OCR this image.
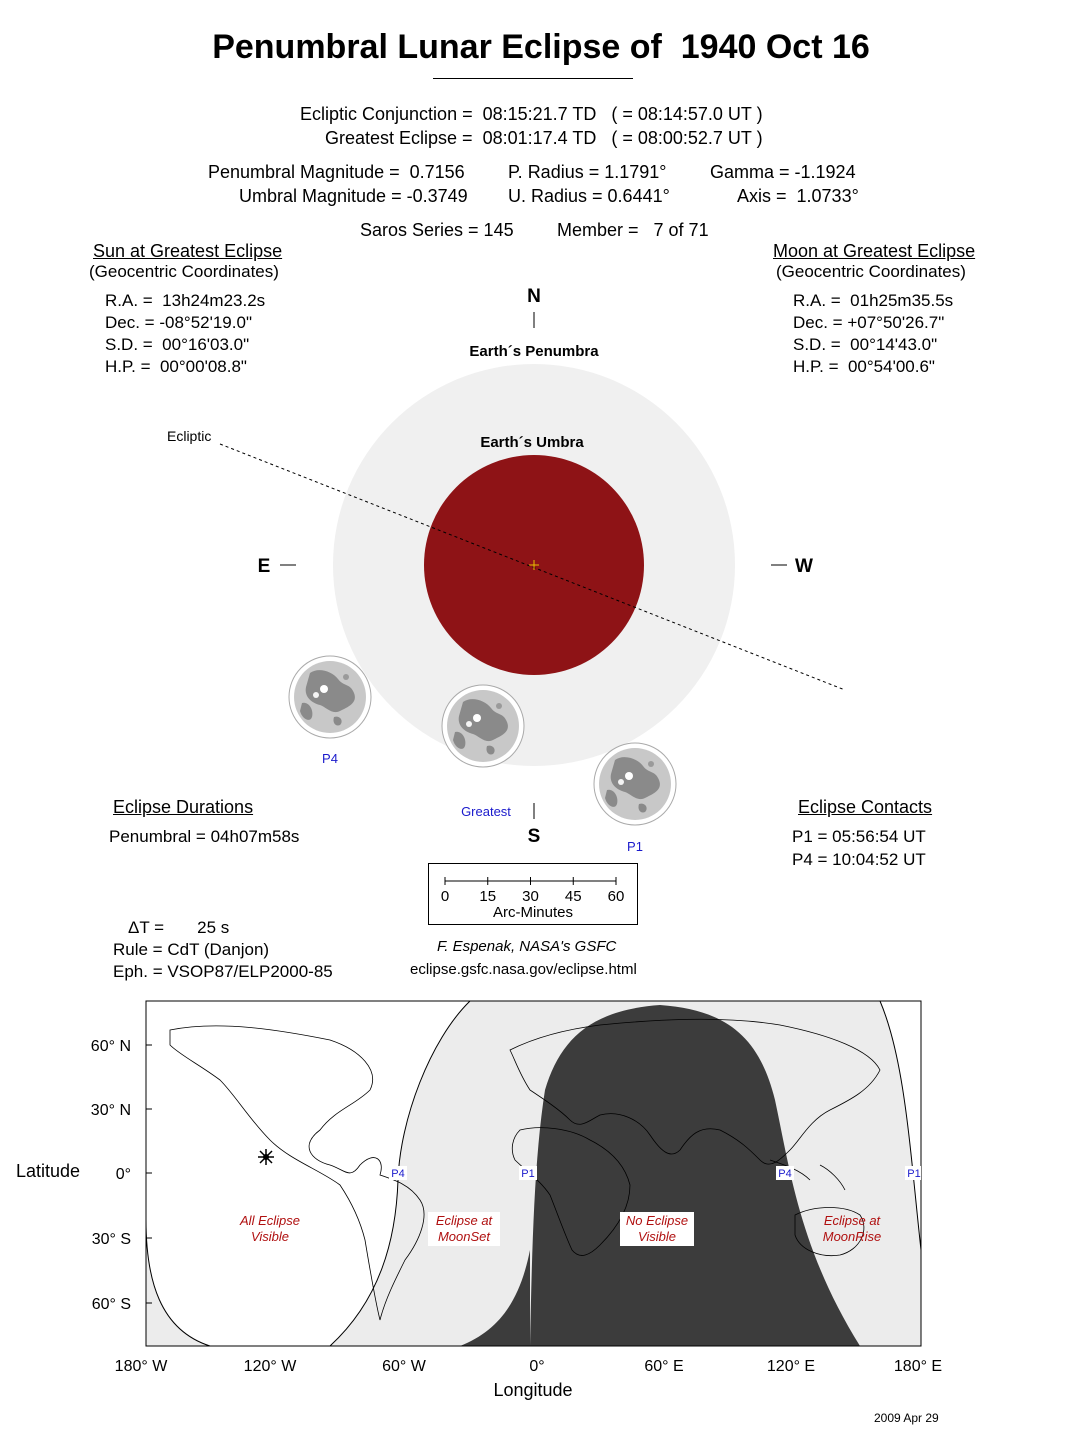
Penumbral Lunar Eclipse of  1940 Oct 16
Ecliptic Conjunction =  08:15:21.7 TD   ( = 08:14:57.0 UT )
Greatest Eclipse =  08:01:17.4 TD   ( = 08:00:52.7 UT )
Penumbral Magnitude =  0.7156
Umbral Magnitude = -0.3749
P. Radius = 1.1791°
U. Radius = 0.6441°
Gamma = -1.1924
Axis =  1.0733°
Saros Series = 145 Member =   7 of 71
Sun at Greatest Eclipse
(Geocentric Coordinates)
R.A. =  13h24m23.2s
Dec. = -08°52'19.0"
S.D. =  00°16'03.0"
H.P. =  00°00'08.8"
Moon at Greatest Eclipse
(Geocentric Coordinates)
R.A. =  01h25m35.5s
Dec. = +07°50'26.7"
S.D. =  00°14'43.0"
H.P. =  00°54'00.6"
N
S
E	W
Earth´s Penumbra
Earth´s Umbra
Ecliptic
P4
Greatest
P1
Eclipse Durations
Penumbral = 04h07m58s
Eclipse Contacts
P1 = 05:56:54 UT
P4 = 10:04:52 UT
0 15 30 45 60
Arc-Minutes
ΔT =       25 s
Rule = CdT (Danjon)
Eph. = VSOP87/ELP2000-85
F. Espenak, NASA's GSFC
eclipse.gsfc.nasa.gov/eclipse.html
P4	P1	P4	P1
All Eclipse
Visible
Eclipse at
MoonSet
No Eclipse
Visible
Eclipse at
MoonRise
60° N
30° N
0°
30° S
60° S
Latitude
180° W	120° W	60° W	0°	60° E	120° E	180° E
Longitude
2009 Apr 29
